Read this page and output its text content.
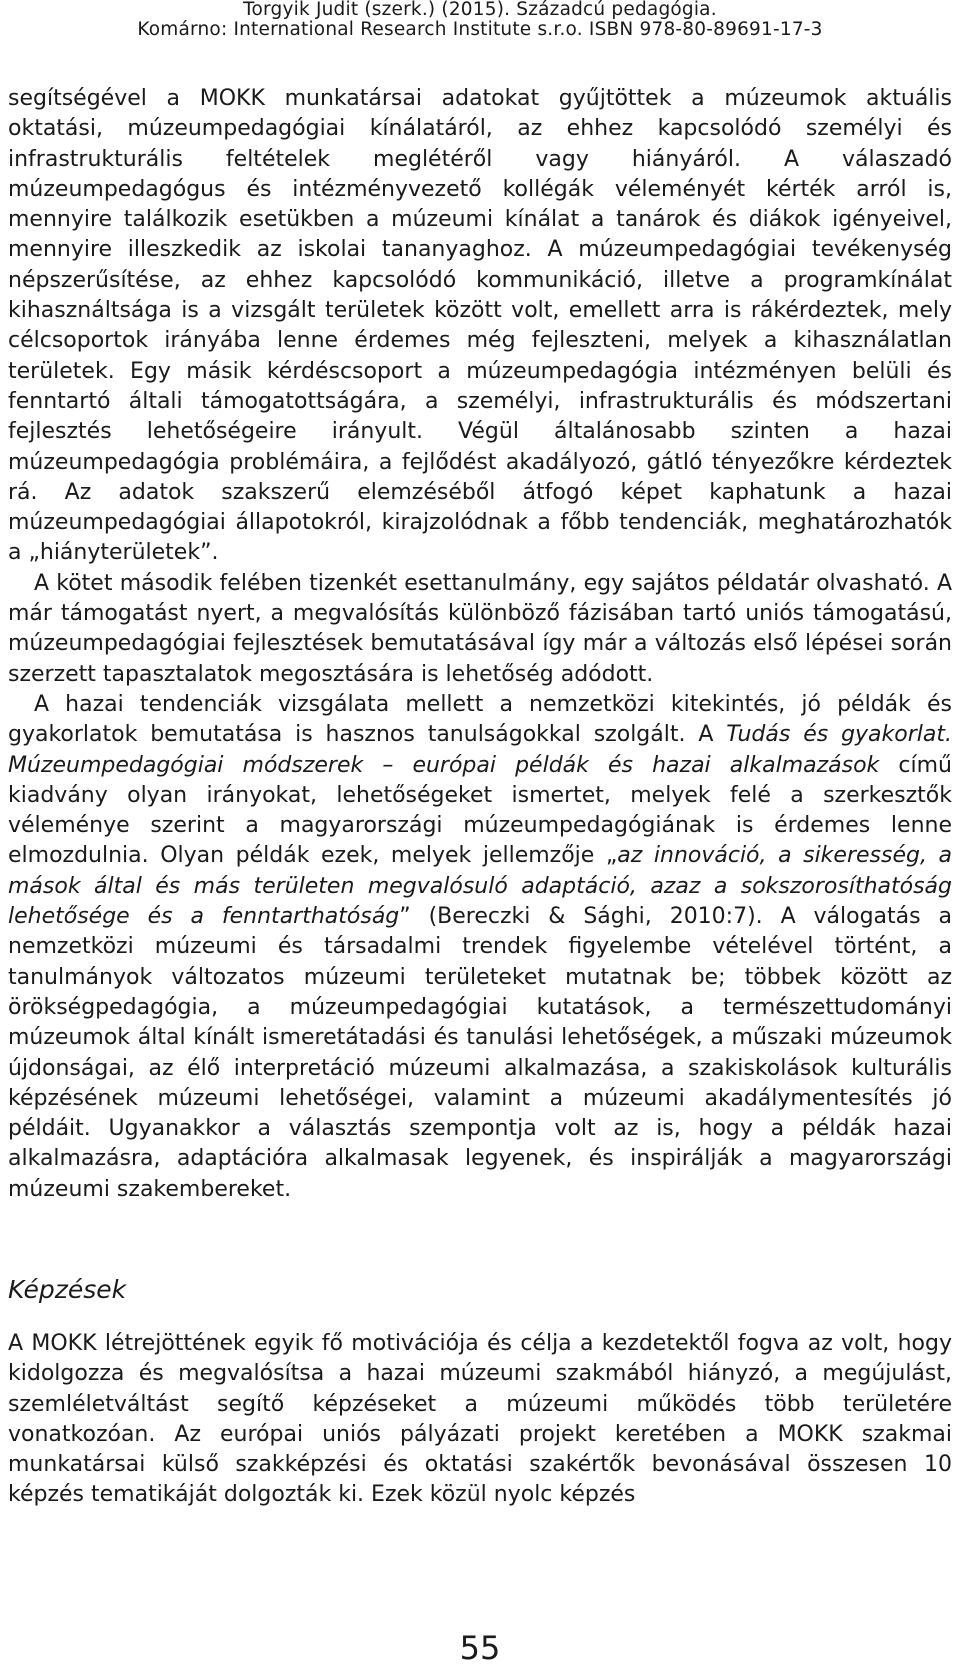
Torgyik Judit (szerk.) (2015). Századcú pedagógia.
Komárno: International Research Institute s.r.o. ISBN 978-80-89691-17-3

segítségével a MOKK munkatársai adatokat gyűjtöttek a múzeumok aktuális oktatási, múzeumpedagógiai kínálatáról, az ehhez kapcsolódó személyi és infrastrukturális feltételek meglétéről vagy hiányáról. A válaszadó múzeumpedagógus és intézményvezető kollégák véleményét kérték arról is, mennyire találkozik esetükben a múzeumi kínálat a tanárok és diákok igényeivel, mennyire illeszkedik az iskolai tananyaghoz. A múzeumpedagógiai tevékenység népszerűsítése, az ehhez kapcsolódó kommunikáció, illetve a programkínálat kihasználtsága is a vizsgált területek között volt, emellett arra is rákérdeztek, mely célcsoportok irányába lenne érdemes még fejleszteni, melyek a kihasználatlan területek. Egy másik kérdéscsoport a múzeumpedagógia intézményen belüli és fenntartó általi támogatottságára, a személyi, infrastrukturális és módszertani fejlesztés lehetőségeire irányult. Végül általánosabb szinten a hazai múzeumpedagógia problémáira, a fejlődést akadályozó, gátló tényezőkre kérdeztek rá. Az adatok szakszerű elemzéséből átfogó képet kaphatunk a hazai múzeumpedagógiai állapotokról, kirajzolódnak a főbb tendenciák, meghatározhatók a „hiányterületek”.

A kötet második felében tizenkét esettanulmány, egy sajátos példatár olvasható. A már támogatást nyert, a megvalósítás különböző fázisában tartó uniós támogatású, múzeumpedagógiai fejlesztések bemutatásával így már a változás első lépései során szerzett tapasztalatok megosztására is lehetőség adódott.

A hazai tendenciák vizsgálata mellett a nemzetközi kitekintés, jó példák és gyakorlatok bemutatása is hasznos tanulságokkal szolgált. A Tudás és gyakorlat. Múzeumpedagógiai módszerek – európai példák és hazai alkalmazások című kiadvány olyan irányokat, lehetőségeket ismertet, melyek felé a szerkesztők véleménye szerint a magyarországi múzeumpedagógiának is érdemes lenne elmozdulnia. Olyan példák ezek, melyek jellemzője „az innováció, a sikeresség, a mások által és más területen megvalósuló adaptáció, azaz a sokszorosíthatóság lehetősége és a fenntarthatóság” (Bereczki & Sághi, 2010:7). A válogatás a nemzetközi múzeumi és társadalmi trendek figyelembe vételével történt, a tanulmányok változatos múzeumi területeket mutatnak be; többek között az örökségpedagógia, a múzeumpedagógiai kutatások, a természettudományi múzeumok által kínált ismeretátadási és tanulási lehetőségek, a műszaki múzeumok újdonságai, az élő interpretáció múzeumi alkalmazása, a szakiskolások kulturális képzésének múzeumi lehetőségei, valamint a múzeumi akadálymentesítés jó példáit. Ugyanakkor a választás szempontja volt az is, hogy a példák hazai alkalmazásra, adaptációra alkalmasak legyenek, és inspirálják a magyarországi múzeumi szakembereket.

Képzések

A MOKK létrejöttének egyik fő motivációja és célja a kezdetektől fogva az volt, hogy kidolgozza és megvalósítsa a hazai múzeumi szakmából hiányzó, a megújulást, szemléletváltást segítő képzéseket a múzeumi működés több területére vonatkozóan. Az európai uniós pályázati projekt keretében a MOKK szakmai munkatársai külső szakképzési és oktatási szakértők bevonásával összesen 10 képzés tematikáját dolgozták ki. Ezek közül nyolc képzés

55
